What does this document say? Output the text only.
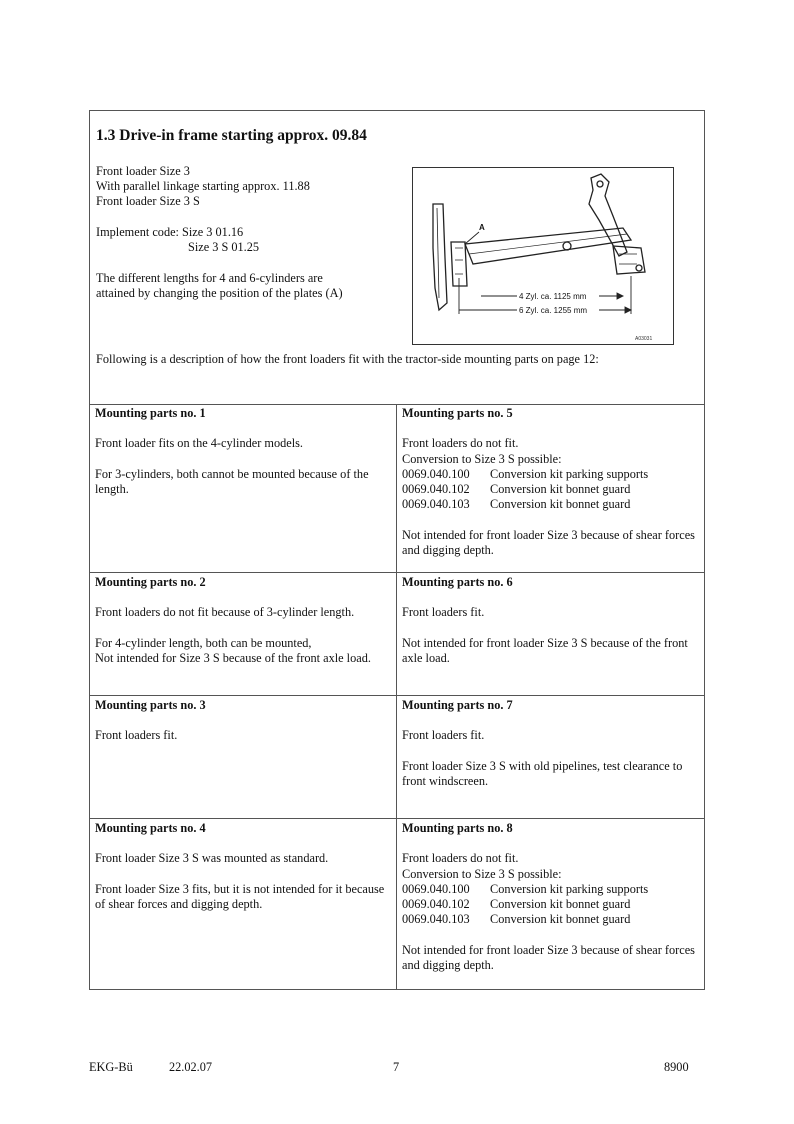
1.3 Drive-in frame starting approx. 09.84
Front loader Size 3
With parallel linkage starting approx. 11.88
Front loader Size 3 S
Implement code: Size 3 01.16
Size 3 S 01.25
The different lengths for 4 and 6-cylinders are
attained by changing the position of the plates (A)
A
4 Zyl. ca. 1125 mm
6 Zyl. ca. 1255 mm
A03031
Following is a description of how the front loaders fit with the tractor-side mounting parts on page 12:
Mounting parts no. 1

Front loader fits on the 4-cylinder models.

For 3-cylinders, both cannot be mounted because of the length.

Mounting parts no. 5
Front loaders do not fit.
Conversion to Size 3 S possible:
0069.040.100	Conversion kit parking supports
0069.040.102	Conversion kit bonnet guard
0069.040.103	Conversion kit bonnet guard

Not intended for front loader Size 3 because of shear forces and digging depth.

Mounting parts no. 2

Front loaders do not fit because of 3-cylinder length.

For 4-cylinder length, both can be mounted,
Not intended for Size 3 S because of the front axle load.
Mounting parts no. 6

Front loaders fit.

Not intended for front loader Size 3 S because of the front axle load.

Mounting parts no. 3

Front loaders fit.

Mounting parts no. 7

Front loaders fit.

Front loader Size 3 S with old pipelines, test clearance to front windscreen.

Mounting parts no. 4

Front loader Size 3 S was mounted as standard.

Front loader Size 3 fits, but it is not intended for it because of shear forces and digging depth.

Mounting parts no. 8
Front loaders do not fit.
Conversion to Size 3 S possible:
0069.040.100	Conversion kit parking supports
0069.040.102	Conversion kit bonnet guard
0069.040.103	Conversion kit bonnet guard

Not intended for front loader Size 3 because of shear forces and digging depth.

EKG-Bü	22.02.07	7	8900
